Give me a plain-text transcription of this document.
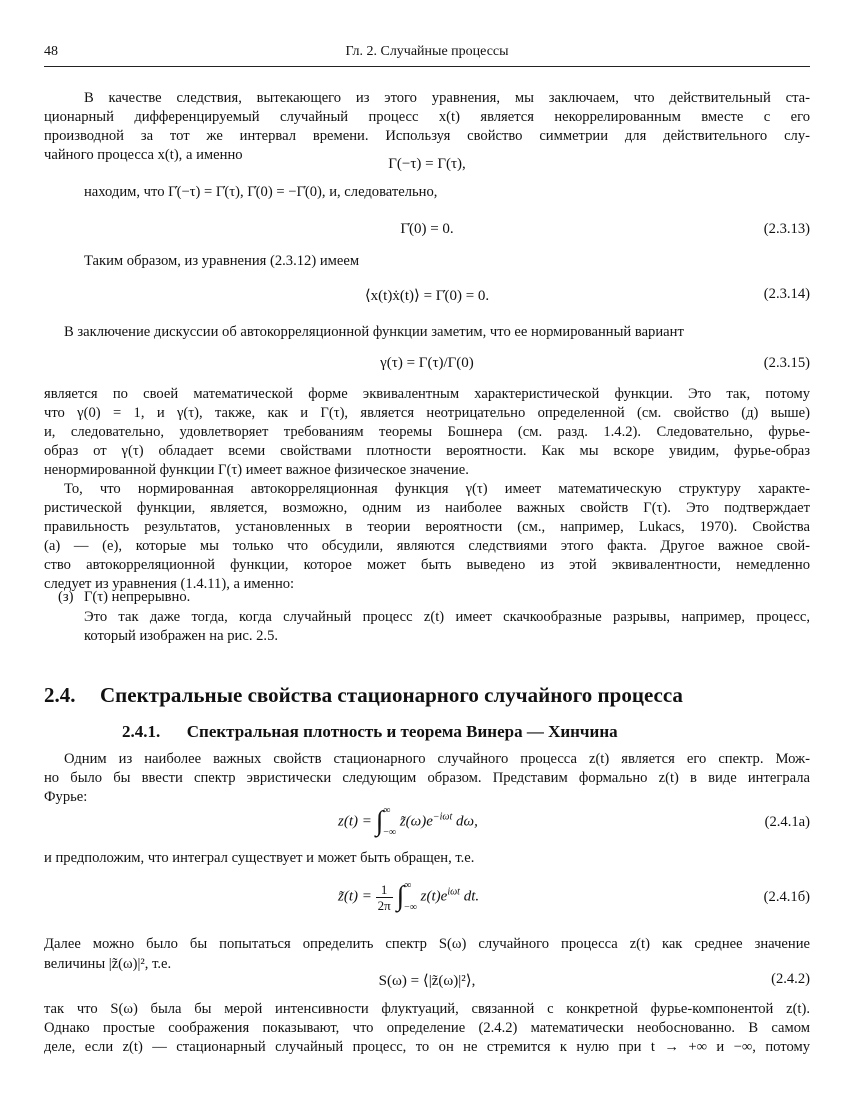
48	Гл. 2. Случайные процессы
В качестве следствия, вытекающего из этого уравнения, мы заключаем, что действительный ста-
ционарный дифференцируемый случайный процесс x(t) является некоррелированным вместе с его
производной за тот же интервал времени. Используя свойство симметрии для действительного слу-
чайного процесса x(t), а именно
Γ(−τ) = Γ(τ),
находим, что Γ̇(−τ) = Γ̇(τ), Γ̇(0) = −Γ̇(0), и, следовательно,
Γ̇(0) = 0.	(2.3.13)
Таким образом, из уравнения (2.3.12) имеем
⟨x(t)ẋ(t)⟩ = Γ̇(0) = 0.	(2.3.14)
В заключение дискуссии об автокорреляционной функции заметим, что ее нормированный вариант
γ(τ) = Γ(τ)/Γ(0)	(2.3.15)
является по своей математической форме эквивалентным характеристической функции. Это так, потому
что γ(0) = 1, и γ(τ), также, как и Γ(τ), является неотрицательно определенной (см. свойство (д) выше)
и, следовательно, удовлетворяет требованиям теоремы Бошнера (см. разд. 1.4.2). Следовательно, фурье-
образ от γ(τ) обладает всеми свойствами плотности вероятности. Как мы вскоре увидим, фурье-образ
ненормированной функции Γ(τ) имеет важное физическое значение.
То, что нормированная автокорреляционная функция γ(τ) имеет математическую структуру характе-
ристической функции, является, возможно, одним из наиболее важных свойств Γ(τ). Это подтверждает
правильность результатов, установленных в теории вероятности (см., например, Lukacs, 1970). Свойства
(а) — (е), которые мы только что обсудили, являются следствиями этого факта. Другое важное свой-
ство автокорреляционной функции, которое может быть выведено из этой эквивалентности, немедленно
следует из уравнения (1.4.11), а именно:
(з) Γ(τ) непрерывно.
Это так даже тогда, когда случайный процесс z(t) имеет скачкообразные разрывы, например, процесс,
который изображен на рис. 2.5.
2.4. Спектральные свойства стационарного случайного процесса
2.4.1. Спектральная плотность и теорема Винера — Хинчина
Одним из наиболее важных свойств стационарного случайного процесса z(t) является его спектр. Мож-
но было бы ввести спектр эвристически следующим образом. Представим формально z(t) в виде интеграла
Фурье:
z(t) = ∫ ∞
−∞
$z̃(\omega)e^{-i\omega t}$ dω,	(2.4.1а)
и предположим, что интеграл существует и может быть обращен, т.е.
z̃(t) = $\frac{1}{2\pi}$ ∫ ∞
−∞
$z(t)e^{i\omega t}$ dt.	(2.4.1б)
Далее можно было бы попытаться определить спектр S(ω) случайного процесса z(t) как среднее значение
величины |z̃(ω)|², т.е.
S(ω) = ⟨|z̃(ω)|²⟩,	(2.4.2)
так что S(ω) была бы мерой интенсивности флуктуаций, связанной с конкретной фурье-компонентой z(t).
Однако простые соображения показывают, что определение (2.4.2) математически необоснованно. В самом
деле, если z(t) — стационарный случайный процесс, то он не стремится к нулю при t → +∞ и −∞, потому
